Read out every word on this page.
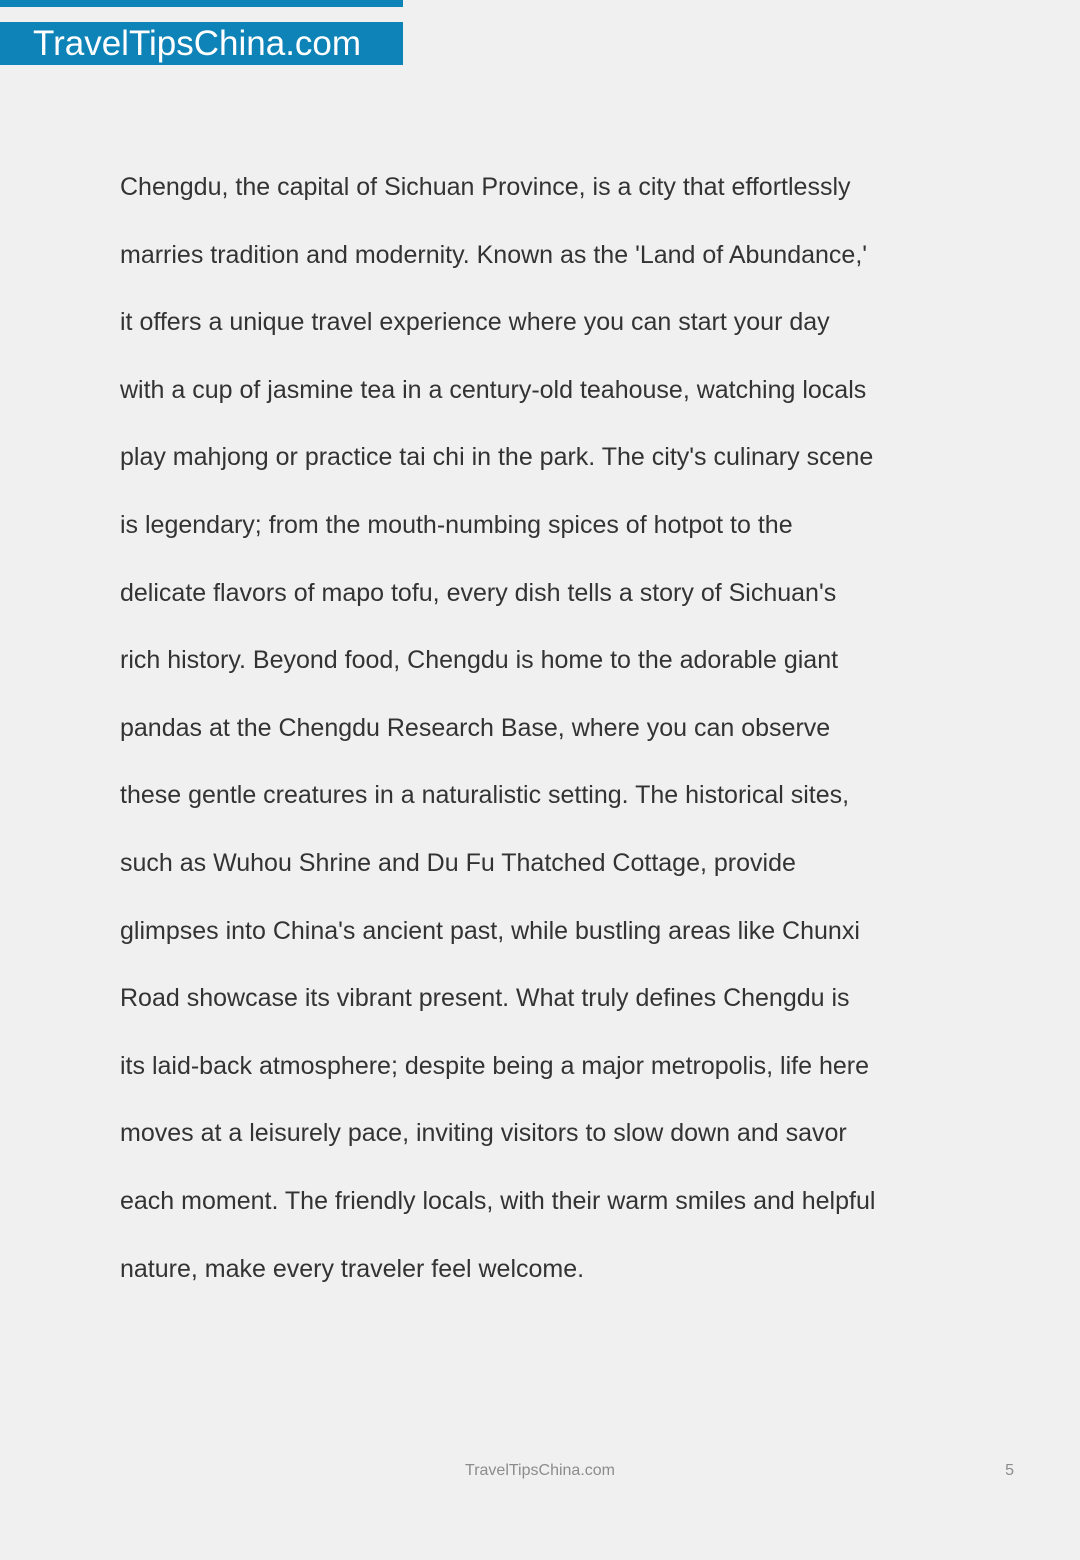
TravelTipsChina.com
Chengdu, the capital of Sichuan Province, is a city that effortlessly
marries tradition and modernity. Known as the 'Land of Abundance,'
it offers a unique travel experience where you can start your day
with a cup of jasmine tea in a century-old teahouse, watching locals
play mahjong or practice tai chi in the park. The city's culinary scene
is legendary; from the mouth-numbing spices of hotpot to the
delicate flavors of mapo tofu, every dish tells a story of Sichuan's
rich history. Beyond food, Chengdu is home to the adorable giant
pandas at the Chengdu Research Base, where you can observe
these gentle creatures in a naturalistic setting. The historical sites,
such as Wuhou Shrine and Du Fu Thatched Cottage, provide
glimpses into China's ancient past, while bustling areas like Chunxi
Road showcase its vibrant present. What truly defines Chengdu is
its laid-back atmosphere; despite being a major metropolis, life here
moves at a leisurely pace, inviting visitors to slow down and savor
each moment. The friendly locals, with their warm smiles and helpful
nature, make every traveler feel welcome.
TravelTipsChina.com	5
